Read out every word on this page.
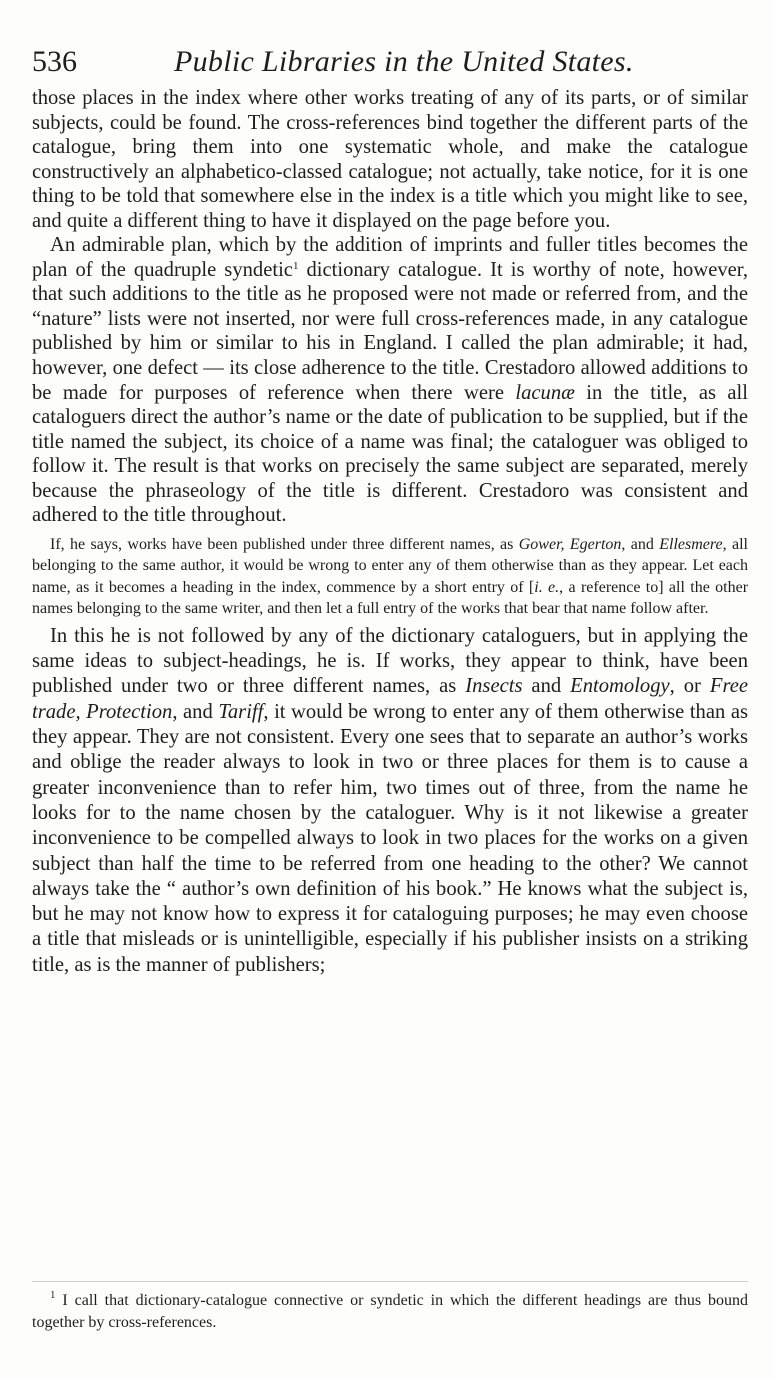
536	Public Libraries in the United States.

those places in the index where other works treating of any of its parts, or of similar subjects, could be found. The cross-references bind together the different parts of the catalogue, bring them into one systematic whole, and make the catalogue constructively an alphabetico-classed catalogue; not actually, take notice, for it is one thing to be told that somewhere else in the index is a title which you might like to see, and quite a different thing to have it displayed on the page before you.

An admirable plan, which by the addition of imprints and fuller titles becomes the plan of the quadruple syndetic$^1$ dictionary catalogue. It is worthy of note, however, that such additions to the title as he proposed were not made or referred from, and the “nature” lists were not inserted, nor were full cross-references made, in any catalogue published by him or similar to his in England. I called the plan admirable; it had, however, one defect — its close adherence to the title. Crestadoro allowed additions to be made for purposes of reference when there were lacunæ in the title, as all cataloguers direct the author’s name or the date of publication to be supplied, but if the title named the subject, its choice of a name was final; the cataloguer was obliged to follow it. The result is that works on precisely the same subject are separated, merely because the phraseology of the title is different. Crestadoro was consistent and adhered to the title throughout.

If, he says, works have been published under three different names, as Gower, Egerton, and Ellesmere, all belonging to the same author, it would be wrong to enter any of them otherwise than as they appear. Let each name, as it becomes a heading in the index, commence by a short entry of [i. e., a reference to] all the other names belonging to the same writer, and then let a full entry of the works that bear that name follow after.

In this he is not followed by any of the dictionary cataloguers, but in applying the same ideas to subject-headings, he is. If works, they appear to think, have been published under two or three different names, as Insects and Entomology, or Free trade, Protection, and Tariff, it would be wrong to enter any of them otherwise than as they appear. They are not consistent. Every one sees that to separate an author’s works and oblige the reader always to look in two or three places for them is to cause a greater inconvenience than to refer him, two times out of three, from the name he looks for to the name chosen by the cataloguer. Why is it not likewise a greater inconvenience to be compelled always to look in two places for the works on a given subject than half the time to be referred from one heading to the other? We cannot always take the “ author’s own definition of his book.” He knows what the subject is, but he may not know how to express it for cataloguing purposes; he may even choose a title that misleads or is unintelligible, especially if his publisher insists on a striking title, as is the manner of publishers;

$^1$ I call that dictionary-catalogue connective or syndetic in which the different headings are thus bound together by cross-references.
